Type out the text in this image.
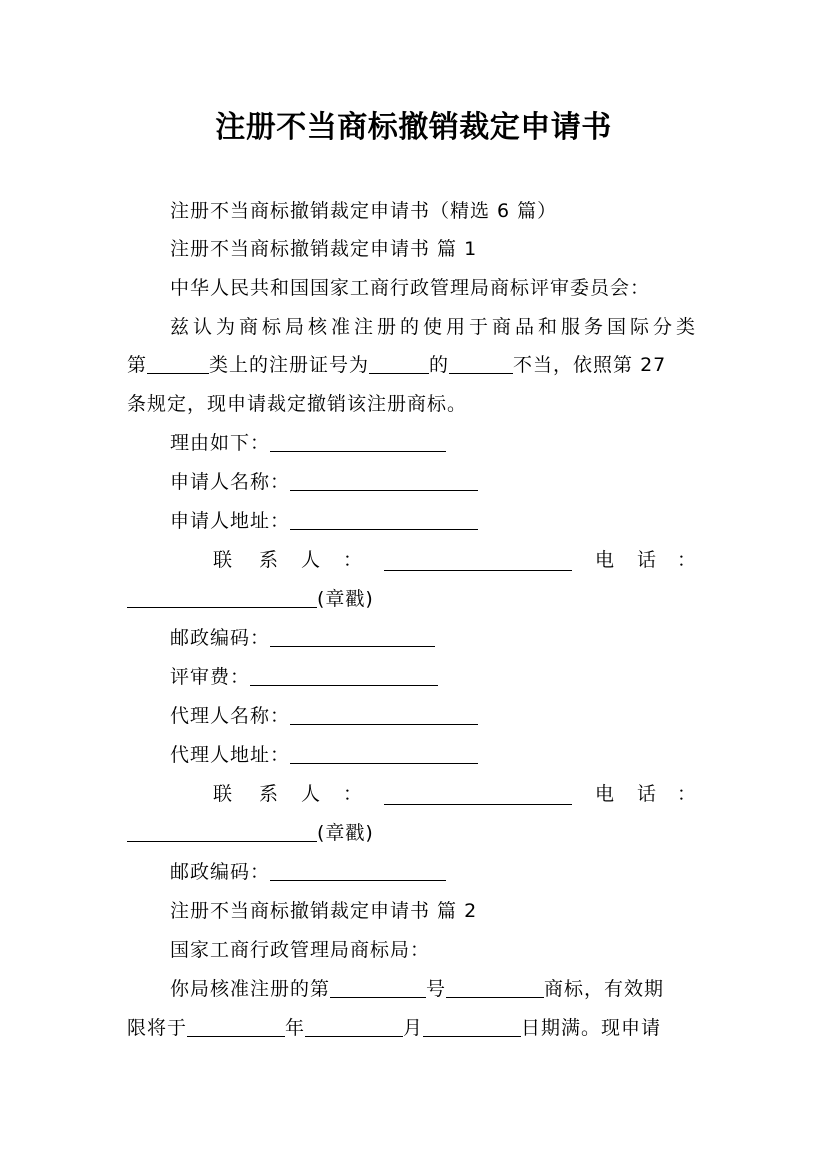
注册不当商标撤销裁定申请书

注册不当商标撤销裁定申请书（精选 6 篇）

注册不当商标撤销裁定申请书 篇 1

中华人民共和国国家工商行政管理局商标评审委员会：

兹认为商标局核准注册的使用于商品和服务国际分类

第	类上的注册证号为	的	不当，依照第 27

条规定，现申请裁定撤销该注册商标。

理由如下：

申请人名称：

申请人地址：

联 系 人 ：	电 话 ：

(章戳)

邮政编码：

评审费：

代理人名称：

代理人地址：

联 系 人 ：	电 话 ：

(章戳)

邮政编码：

注册不当商标撤销裁定申请书 篇 2

国家工商行政管理局商标局：

你局核准注册的第	号	商标，有效期

限将于	年	月	日期满。现申请
